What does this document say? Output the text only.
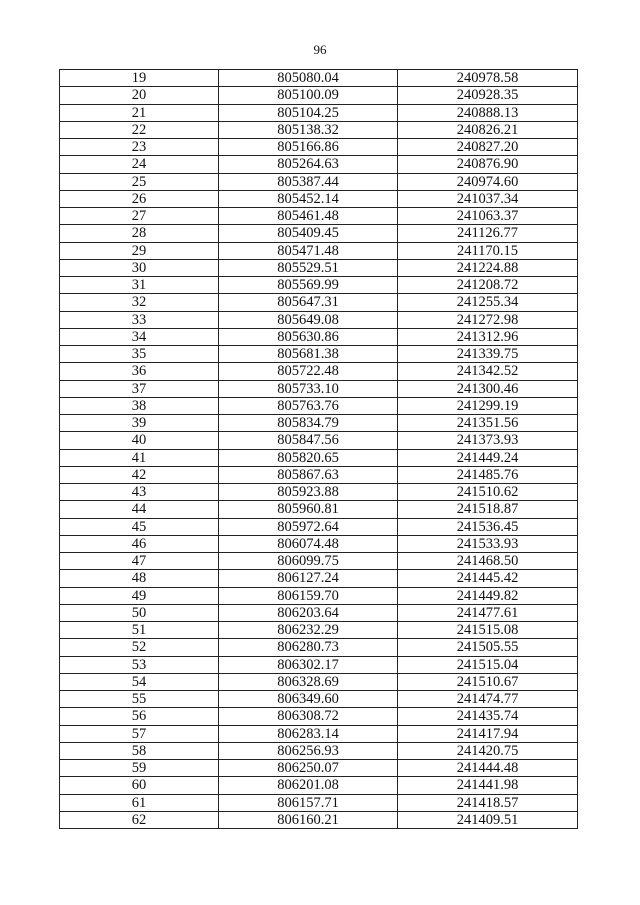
96
19	805080.04	240978.58
20	805100.09	240928.35
21	805104.25	240888.13
22	805138.32	240826.21
23	805166.86	240827.20
24	805264.63	240876.90
25	805387.44	240974.60
26	805452.14	241037.34
27	805461.48	241063.37
28	805409.45	241126.77
29	805471.48	241170.15
30	805529.51	241224.88
31	805569.99	241208.72
32	805647.31	241255.34
33	805649.08	241272.98
34	805630.86	241312.96
35	805681.38	241339.75
36	805722.48	241342.52
37	805733.10	241300.46
38	805763.76	241299.19
39	805834.79	241351.56
40	805847.56	241373.93
41	805820.65	241449.24
42	805867.63	241485.76
43	805923.88	241510.62
44	805960.81	241518.87
45	805972.64	241536.45
46	806074.48	241533.93
47	806099.75	241468.50
48	806127.24	241445.42
49	806159.70	241449.82
50	806203.64	241477.61
51	806232.29	241515.08
52	806280.73	241505.55
53	806302.17	241515.04
54	806328.69	241510.67
55	806349.60	241474.77
56	806308.72	241435.74
57	806283.14	241417.94
58	806256.93	241420.75
59	806250.07	241444.48
60	806201.08	241441.98
61	806157.71	241418.57
62	806160.21	241409.51
